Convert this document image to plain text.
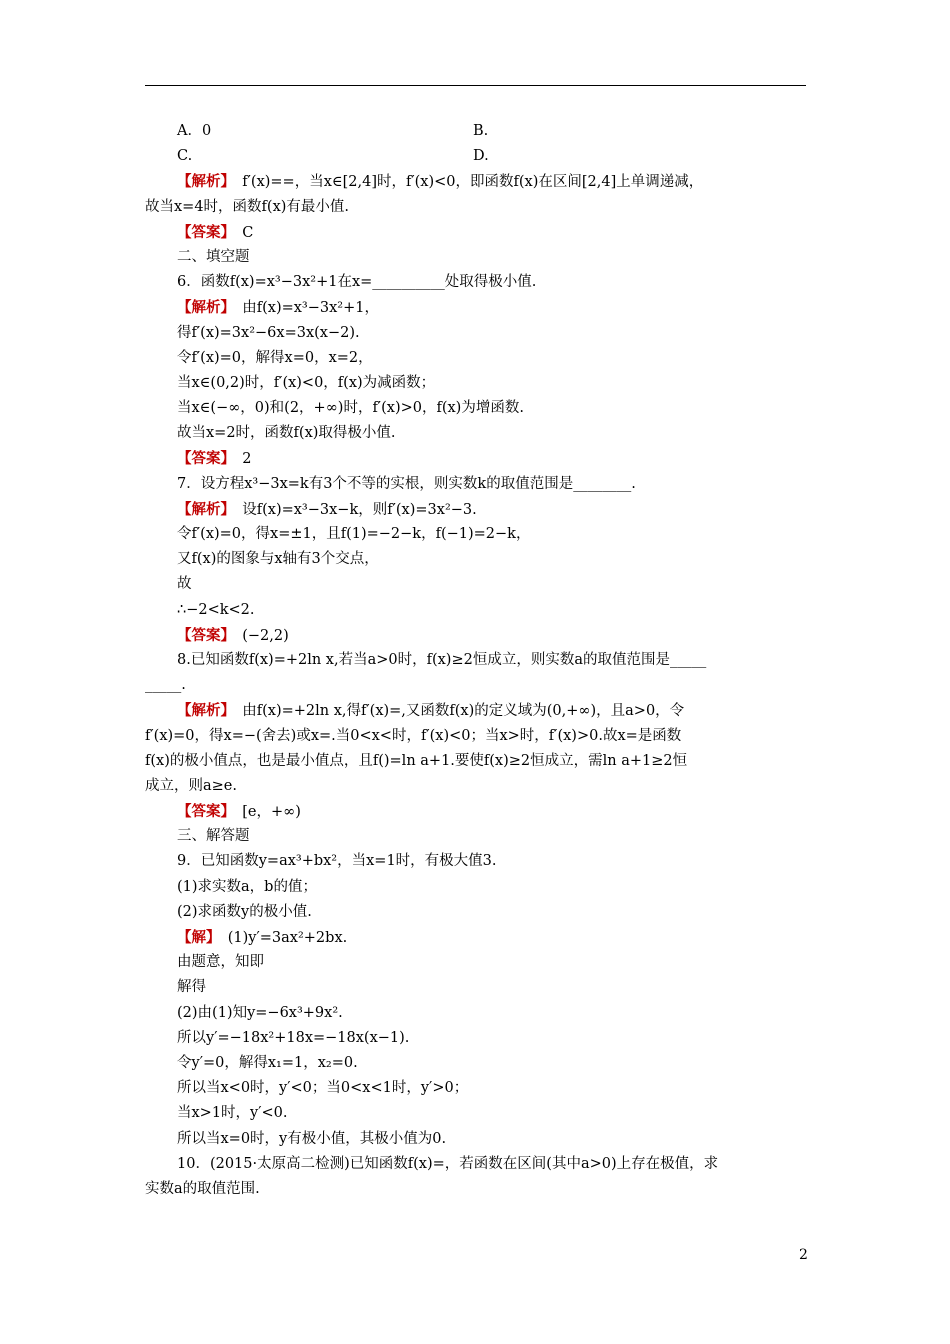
A．0	B.
C.	D.
【解析】　f′(x)==，当x∈[2,4]时，f′(x)<0，即函数f(x)在区间[2,4]上单调递减，
故当x=4时，函数f(x)有最小值.
【答案】　C
二、填空题
6．函数f(x)=x³−3x²+1在x=__________处取得极小值.
【解析】　由f(x)=x³−3x²+1，
得f′(x)=3x²−6x=3x(x−2).
令f′(x)=0，解得x=0，x=2，
当x∈(0,2)时，f′(x)<0，f(x)为减函数；
当x∈(−∞，0)和(2，+∞)时，f′(x)>0，f(x)为增函数.
故当x=2时，函数f(x)取得极小值.
【答案】　2
7．设方程x³−3x=k有3个不等的实根，则实数k的取值范围是________.
【解析】　设f(x)=x³−3x−k，则f′(x)=3x²−3.
令f′(x)=0，得x=±1，且f(1)=−2−k，f(−1)=2−k，
又f(x)的图象与x轴有3个交点，
故
∴−2<k<2.
【答案】　(−2,2)
8.已知函数f(x)=+2ln x,若当a>0时，f(x)≥2恒成立，则实数a的取值范围是_____
_____.
【解析】　由f(x)=+2ln x,得f′(x)=,又函数f(x)的定义域为(0,+∞)，且a>0，令
f′(x)=0，得x=−(舍去)或x=.当0<x<时，f′(x)<0；当x>时，f′(x)>0.故x=是函数
f(x)的极小值点，也是最小值点，且f()=ln a+1.要使f(x)≥2恒成立，需ln a+1≥2恒
成立，则a≥e.
【答案】　[e，+∞)
三、解答题
9．已知函数y=ax³+bx²，当x=1时，有极大值3.
(1)求实数a，b的值；
(2)求函数y的极小值.
【解】　(1)y′=3ax²+2bx.
由题意，知即
解得
(2)由(1)知y=−6x³+9x².
所以y′=−18x²+18x=−18x(x−1).
令y′=0，解得x₁=1，x₂=0.
所以当x<0时，y′<0；当0<x<1时，y′>0；
当x>1时，y′<0.
所以当x=0时，y有极小值，其极小值为0.
10．(2015·太原高二检测)已知函数f(x)=，若函数在区间(其中a>0)上存在极值，求
实数a的取值范围.
2
